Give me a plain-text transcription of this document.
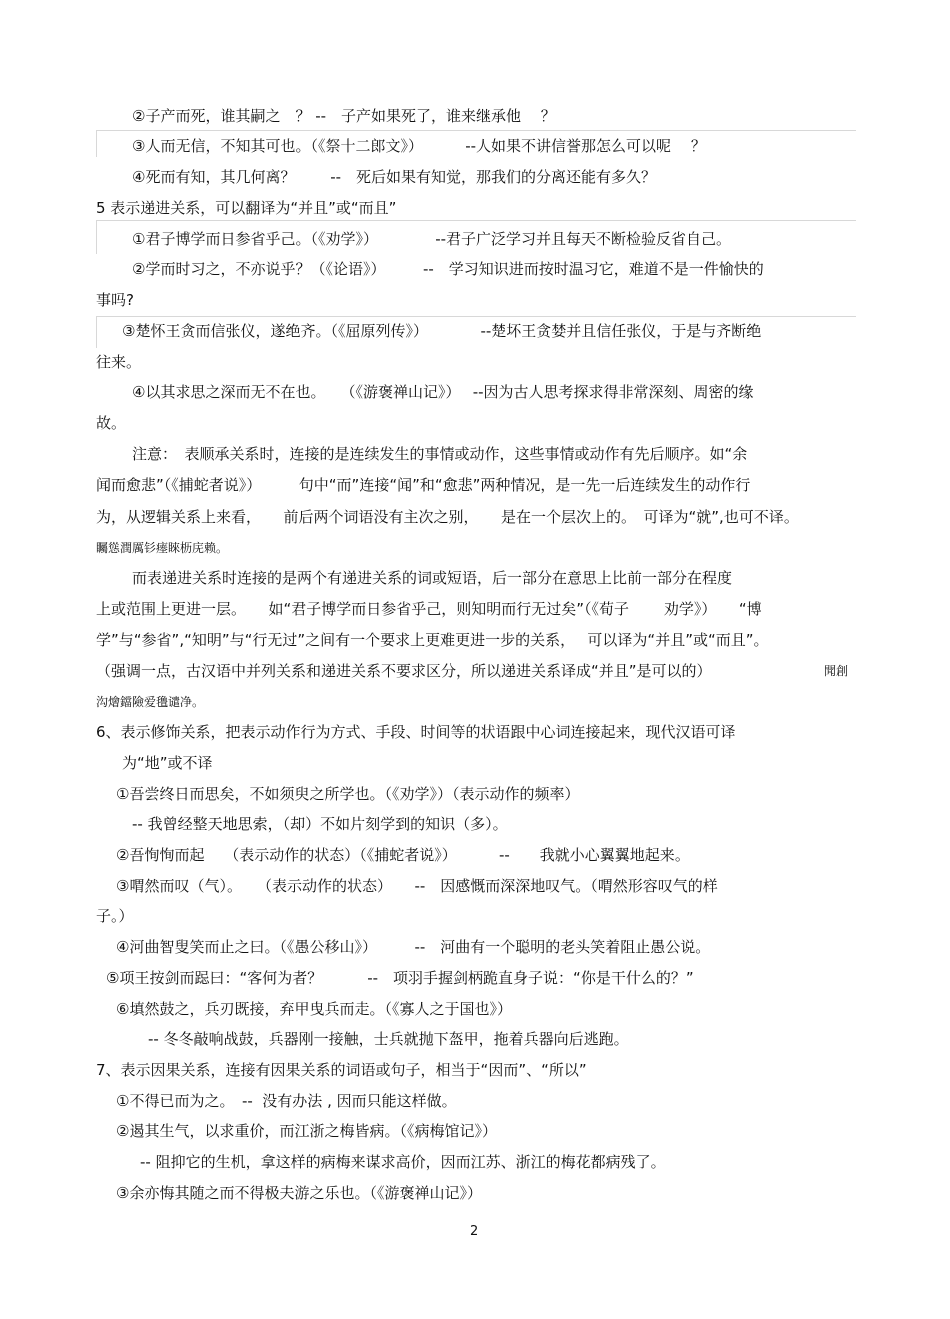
②子产而死，谁其嗣之　？ --　子产如果死了，谁来继承他　 ？
③人而无信，不知其可也。（《祭十二郎文》）　　　 --人如果不讲信誉那怎么可以呢　 ？
④死而有知，其几何离？　　 --　死后如果有知觉，那我们的分离还能有多久？
5 表示递进关系，可以翻译为“并且”或“而且”
①君子博学而日参省乎己。（《劝学》）　　　　 --君子广泛学习并且每天不断检验反省自己。
②学而时习之，不亦说乎？（《论语》）　　　--　学习知识进而按时温习它，难道不是一件愉快的
事吗?
③楚怀王贪而信张仪，遂绝齐。（《屈原列传》）　　　　--楚坏王贪婪并且信任张仪，于是与齐断绝
往来。
④以其求思之深而无不在也。　　（《游褒禅山记》）　 --因为古人思考探求得非常深刻、周密的缘
故。
注意：　表顺承关系时，连接的是连续发生的事情或动作，这些事情或动作有先后顺序。如“余
闻而愈悲”（《捕蛇者说》）　　　句中“而”连接“闻”和“愈悲”两种情况，是一先一后连续发生的动作行
为，从逻辑关系上来看，　　前后两个词语没有主次之别，　　是在一个层次上的。　可译为“就”,也可不译。
矚慫潤厲钐瘗睞枥庑赖。
而表递进关系时连接的是两个有递进关系的词或短语，后一部分在意思上比前一部分在程度
上或范围上更进一层。　　如“君子博学而日参省乎己，则知明而行无过矣”（《荀子　　 劝学》）　　“博
学”与“参省”,“知明”与“行无过”之间有一个要求上更难更进一步的关系，　 可以译为“并且”或“而且”。
（强调一点，古汉语中并列关系和递进关系不要求区分，所以递进关系译成“并且”是可以的）	聞創
沟燴鐺險爱氇谴净。
6、表示修饰关系，把表示动作行为方式、手段、时间等的状语跟中心词连接起来，现代汉语可译
为“地”或不译
①吾尝终日而思矣，不如须臾之所学也。（《劝学》）（表示动作的频率）
-- 我曾经整天地思索，（却）不如片刻学到的知识（多）。
②吾恂恂而起　 （表示动作的状态）（《捕蛇者说》）　　　 --　　我就小心翼翼地起来。
③喟然而叹（气）。　　（表示动作的状态）　　--　因感慨而深深地叹气。（喟然形容叹气的样
子。）
④河曲智叟笑而止之曰。（《愚公移山》）　　　--　河曲有一个聪明的老头笑着阻止愚公说。
⑤项王按剑而跽曰：“客何为者？　　　--　项羽手握剑柄跪直身子说：“你是干什么的？”
⑥填然鼓之，兵刃既接，弃甲曳兵而走。（《寡人之于国也》）
-- 冬冬敲响战鼓，兵器刚一接触，士兵就抛下盔甲，拖着兵器向后逃跑。
7、表示因果关系，连接有因果关系的词语或句子，相当于“因而”、“所以”
①不得已而为之。　--  没有办法 , 因而只能这样做。
②遏其生气，以求重价，而江浙之梅皆病。（《病梅馆记》）
-- 阻抑它的生机，拿这样的病梅来谋求高价，因而江苏、浙江的梅花都病残了。
③余亦悔其随之而不得极夫游之乐也。（《游褒禅山记》）
2
